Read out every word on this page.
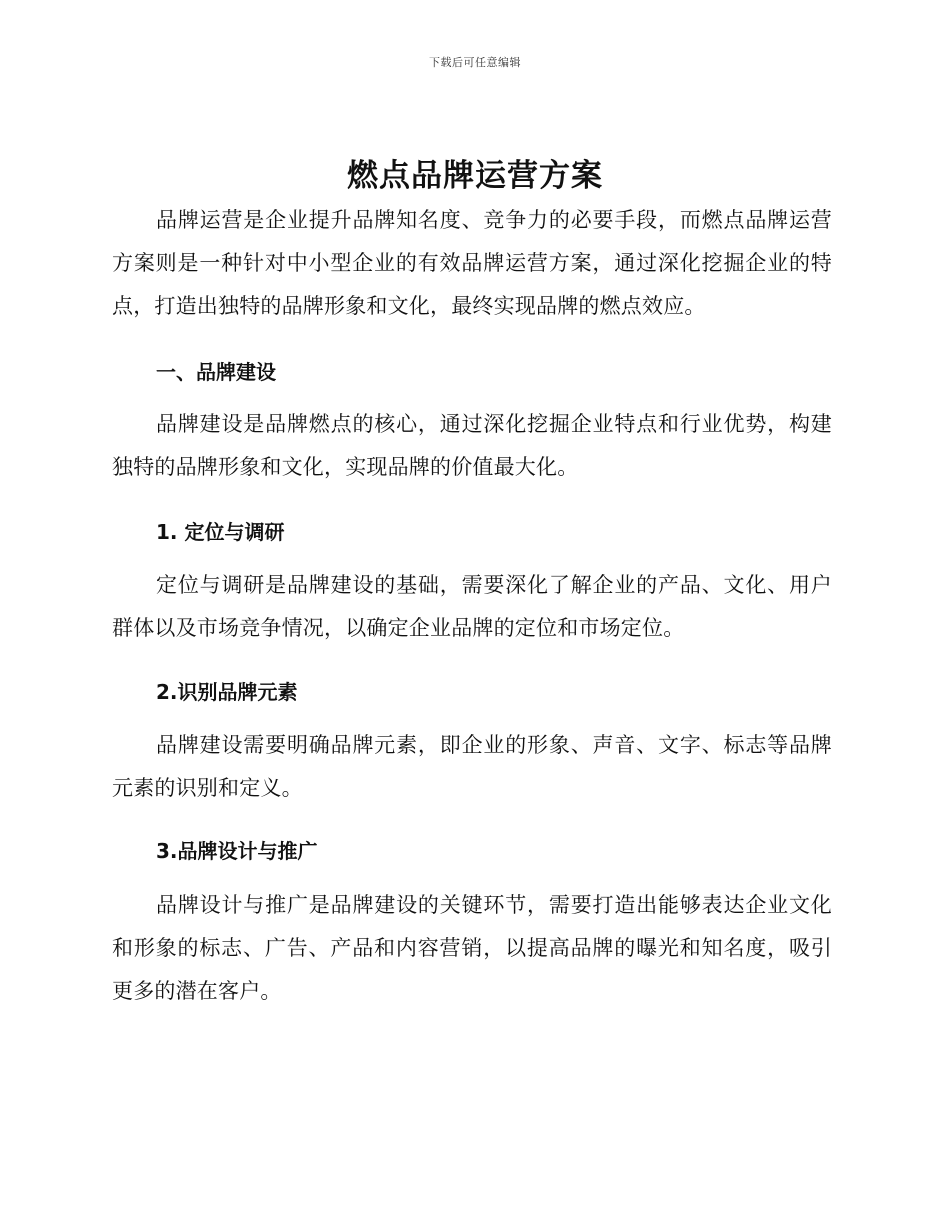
下载后可任意编辑
燃点品牌运营方案

品牌运营是企业提升品牌知名度、竞争力的必要手段，而燃点品牌运营方案则是一种针对中小型企业的有效品牌运营方案，通过深化挖掘企业的特点，打造出独特的品牌形象和文化，最终实现品牌的燃点效应。

一、品牌建设

品牌建设是品牌燃点的核心，通过深化挖掘企业特点和行业优势，构建独特的品牌形象和文化，实现品牌的价值最大化。

1. 定位与调研

定位与调研是品牌建设的基础，需要深化了解企业的产品、文化、用户群体以及市场竞争情况，以确定企业品牌的定位和市场定位。

2.识别品牌元素

品牌建设需要明确品牌元素，即企业的形象、声音、文字、标志等品牌元素的识别和定义。

3.品牌设计与推广

品牌设计与推广是品牌建设的关键环节，需要打造出能够表达企业文化和形象的标志、广告、产品和内容营销，以提高品牌的曝光和知名度，吸引更多的潜在客户。
